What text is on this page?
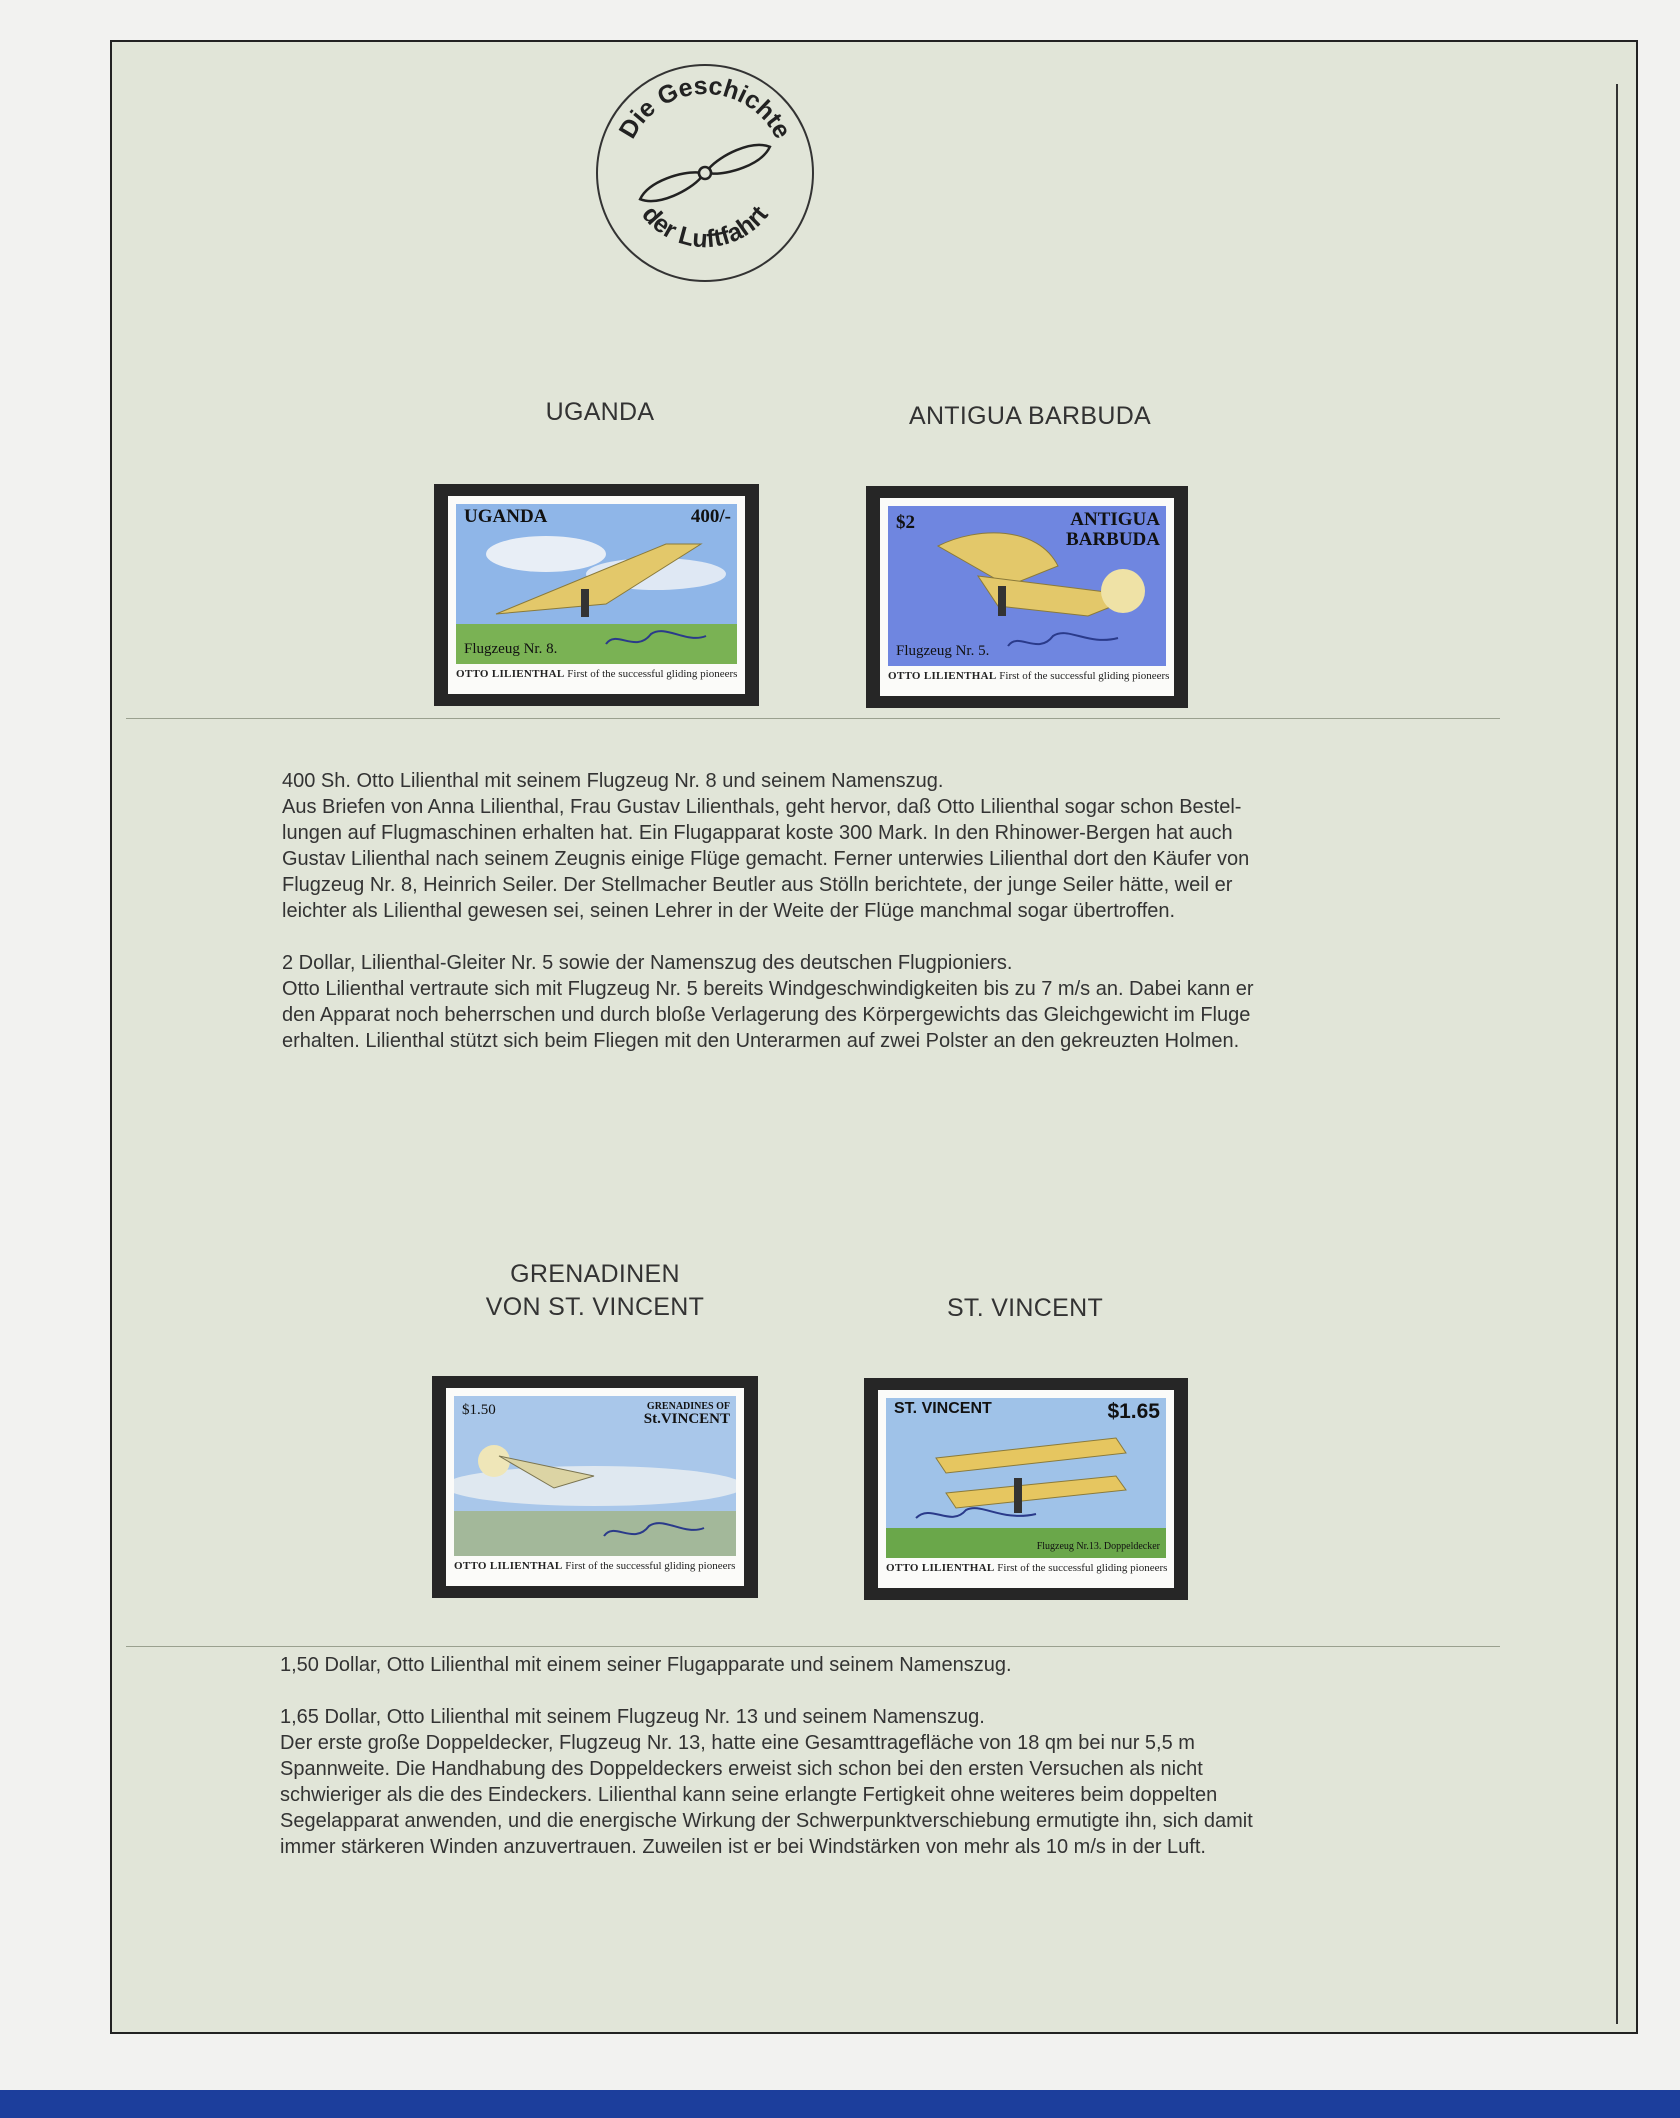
Die Geschichte
der Luftfahrt
UGANDA	ANTIGUA BARBUDA
UGANDA	400/-
Flugzeug Nr. 8.
OTTO LILIENTHAL First of the successful gliding pioneers
$2	ANTIGUA
BARBUDA
Flugzeug Nr. 5.
OTTO LILIENTHAL First of the successful gliding pioneers

400 Sh. Otto Lilienthal mit seinem Flugzeug Nr. 8 und seinem Namenszug.
Aus Briefen von Anna Lilienthal, Frau Gustav Lilienthals, geht hervor, daß Otto Lilienthal sogar schon Bestel-
lungen auf Flugmaschinen erhalten hat. Ein Flugapparat koste 300 Mark. In den Rhinower-Bergen hat auch
Gustav Lilienthal nach seinem Zeugnis einige Flüge gemacht. Ferner unterwies Lilienthal dort den Käufer von
Flugzeug Nr. 8, Heinrich Seiler. Der Stellmacher Beutler aus Stölln berichtete, der junge Seiler hätte, weil er
leichter als Lilienthal gewesen sei, seinen Lehrer in der Weite der Flüge manchmal sogar übertroffen.

2 Dollar, Lilienthal-Gleiter Nr. 5 sowie der Namenszug des deutschen Flugpioniers.
Otto Lilienthal vertraute sich mit Flugzeug Nr. 5 bereits Windgeschwindigkeiten bis zu 7 m/s an. Dabei kann er
den Apparat noch beherrschen und durch bloße Verlagerung des Körpergewichts das Gleichgewicht im Fluge
erhalten. Lilienthal stützt sich beim Fliegen mit den Unterarmen auf zwei Polster an den gekreuzten Holmen.

GRENADINEN
VON ST. VINCENT	ST. VINCENT
$1.50	GRENADINES OF
St.VINCENT
OTTO LILIENTHAL First of the successful gliding pioneers
ST. VINCENT	$1.65
Flugzeug Nr.13. Doppeldecker
OTTO LILIENTHAL First of the successful gliding pioneers

1,50 Dollar, Otto Lilienthal mit einem seiner Flugapparate und seinem Namenszug.

1,65 Dollar, Otto Lilienthal mit seinem Flugzeug Nr. 13 und seinem Namenszug.
Der erste große Doppeldecker, Flugzeug Nr. 13, hatte eine Gesamttragefläche von 18 qm bei nur 5,5 m
Spannweite. Die Handhabung des Doppeldeckers erweist sich schon bei den ersten Versuchen als nicht
schwieriger als die des Eindeckers. Lilienthal kann seine erlangte Fertigkeit ohne weiteres beim doppelten
Segelapparat anwenden, und die energische Wirkung der Schwerpunktverschiebung ermutigte ihn, sich damit
immer stärkeren Winden anzuvertrauen. Zuweilen ist er bei Windstärken von mehr als 10 m/s in der Luft.
